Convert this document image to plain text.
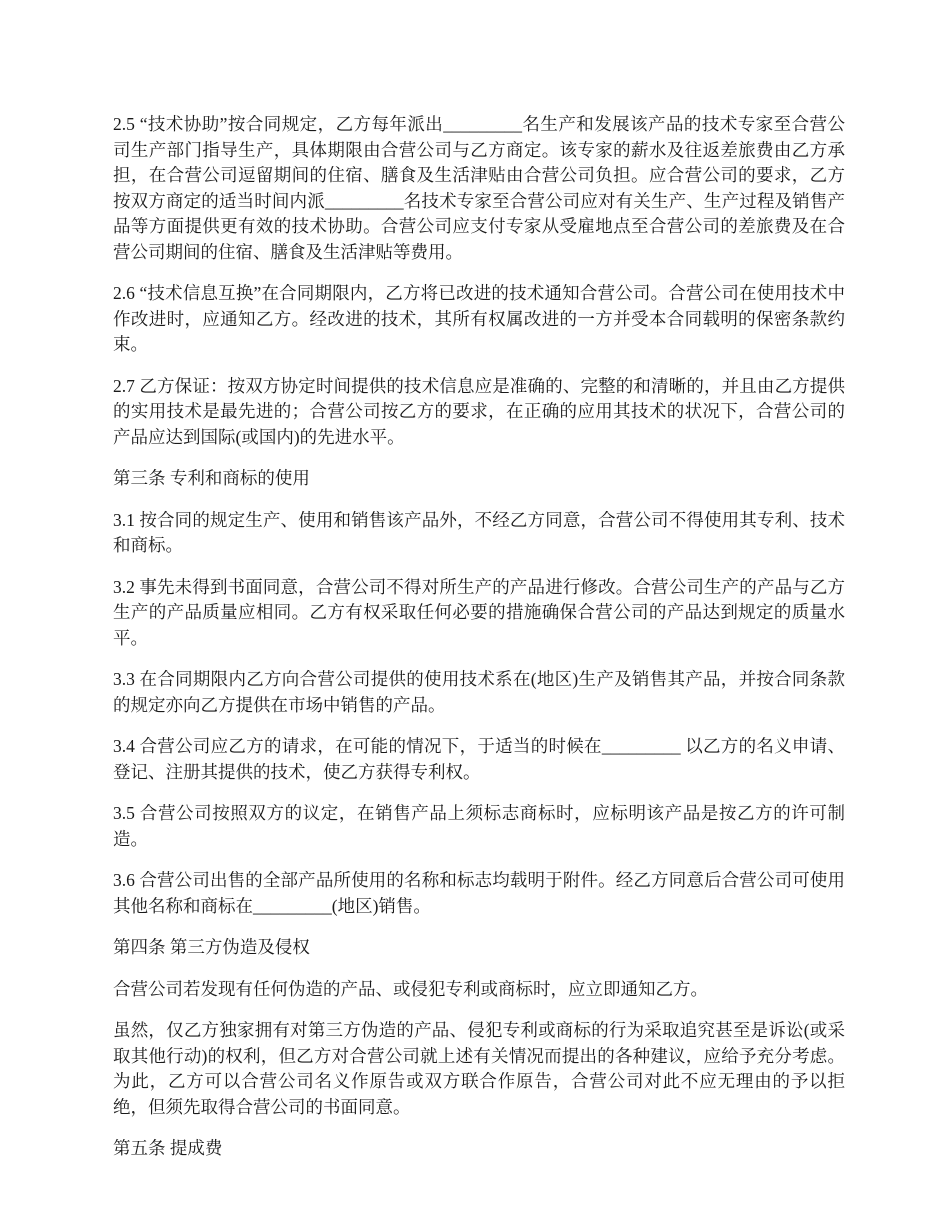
2.5 “技术协助”按合同规定，乙方每年派出_________名生产和发展该产品的技术专家至合营公司生产部门指导生产，具体期限由合营公司与乙方商定。该专家的薪水及往返差旅费由乙方承担，在合营公司逗留期间的住宿、膳食及生活津贴由合营公司负担。应合营公司的要求，乙方按双方商定的适当时间内派_________名技术专家至合营公司应对有关生产、生产过程及销售产品等方面提供更有效的技术协助。合营公司应支付专家从受雇地点至合营公司的差旅费及在合营公司期间的住宿、膳食及生活津贴等费用。

2.6 “技术信息互换”在合同期限内，乙方将已改进的技术通知合营公司。合营公司在使用技术中作改进时，应通知乙方。经改进的技术，其所有权属改进的一方并受本合同载明的保密条款约束。

2.7 乙方保证：按双方协定时间提供的技术信息应是准确的、完整的和清晰的，并且由乙方提供的实用技术是最先进的；合营公司按乙方的要求，在正确的应用其技术的状况下，合营公司的产品应达到国际(或国内)的先进水平。

第三条 专利和商标的使用

3.1 按合同的规定生产、使用和销售该产品外，不经乙方同意，合营公司不得使用其专利、技术和商标。

3.2 事先未得到书面同意，合营公司不得对所生产的产品进行修改。合营公司生产的产品与乙方生产的产品质量应相同。乙方有权采取任何必要的措施确保合营公司的产品达到规定的质量水平。

3.3 在合同期限内乙方向合营公司提供的使用技术系在(地区)生产及销售其产品，并按合同条款的规定亦向乙方提供在市场中销售的产品。

3.4 合营公司应乙方的请求，在可能的情况下，于适当的时候在_________ 以乙方的名义申请、登记、注册其提供的技术，使乙方获得专利权。

3.5 合营公司按照双方的议定，在销售产品上须标志商标时，应标明该产品是按乙方的许可制造。

3.6 合营公司出售的全部产品所使用的名称和标志均载明于附件。经乙方同意后合营公司可使用其他名称和商标在_________(地区)销售。

第四条 第三方伪造及侵权

合营公司若发现有任何伪造的产品、或侵犯专利或商标时，应立即通知乙方。

虽然，仅乙方独家拥有对第三方伪造的产品、侵犯专利或商标的行为采取追究甚至是诉讼(或采取其他行动)的权利，但乙方对合营公司就上述有关情况而提出的各种建议，应给予充分考虑。为此，乙方可以合营公司名义作原告或双方联合作原告，合营公司对此不应无理由的予以拒绝，但须先取得合营公司的书面同意。

第五条 提成费
